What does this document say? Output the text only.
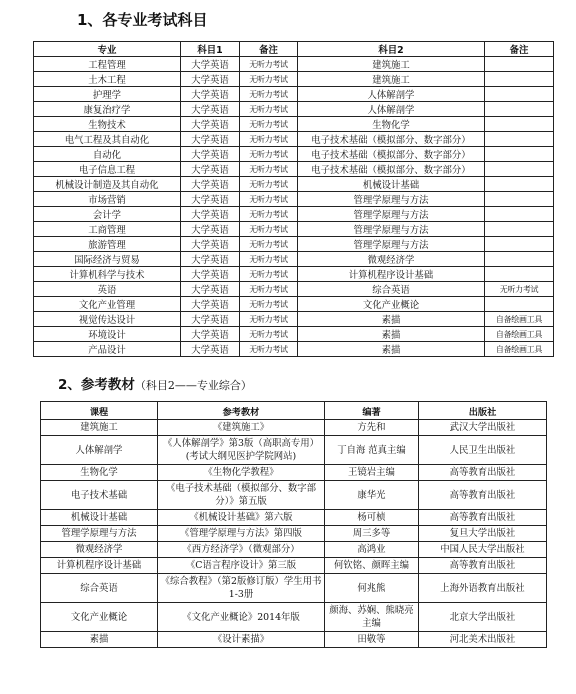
1、各专业考试科目
专业	科目1	备注	科目2	备注
工程管理	大学英语	无听力考试	建筑施工	
土木工程	大学英语	无听力考试	建筑施工	
护理学	大学英语	无听力考试	人体解剖学	
康复治疗学	大学英语	无听力考试	人体解剖学	
生物技术	大学英语	无听力考试	生物化学	
电气工程及其自动化	大学英语	无听力考试	电子技术基础（模拟部分、数字部分）	
自动化	大学英语	无听力考试	电子技术基础（模拟部分、数字部分）	
电子信息工程	大学英语	无听力考试	电子技术基础（模拟部分、数字部分）	
机械设计制造及其自动化	大学英语	无听力考试	机械设计基础	
市场营销	大学英语	无听力考试	管理学原理与方法	
会计学	大学英语	无听力考试	管理学原理与方法	
工商管理	大学英语	无听力考试	管理学原理与方法	
旅游管理	大学英语	无听力考试	管理学原理与方法	
国际经济与贸易	大学英语	无听力考试	微观经济学	
计算机科学与技术	大学英语	无听力考试	计算机程序设计基础	
英语	大学英语	无听力考试	综合英语	无听力考试
文化产业管理	大学英语	无听力考试	文化产业概论	
视觉传达设计	大学英语	无听力考试	素描	自备绘画工具
环境设计	大学英语	无听力考试	素描	自备绘画工具
产品设计	大学英语	无听力考试	素描	自备绘画工具
2、参考教材（科目2——专业综合）
课程	参考教材	编著	出版社
建筑施工	《建筑施工》	方先和	武汉大学出版社
人体解剖学	《人体解剖学》第3版（高职高专用）(考试大纲见医护学院网站)	丁自海 范真主编	人民卫生出版社
生物化学	《生物化学教程》	王镜岩主编	高等教育出版社
电子技术基础	《电子技术基础（模拟部分、数字部分）》第五版	康华光	高等教育出版社
机械设计基础	《机械设计基础》第六版	杨可桢	高等教育出版社
管理学原理与方法	《管理学原理与方法》第四版	周三多等	复旦大学出版社
微观经济学	《西方经济学》（微观部分）	高鸿业	中国人民大学出版社
计算机程序设计基础	《C语言程序设计》第三版	何钦铭、颜晖主编	高等教育出版社
综合英语	《综合教程》（第2版修订版）学生用书1-3册	何兆熊	上海外语教育出版社
文化产业概论	《文化产业概论》2014年版	颜海、苏娴、熊晓亮主编	北京大学出版社
素描	《设计素描》	田敬等	河北美术出版社
